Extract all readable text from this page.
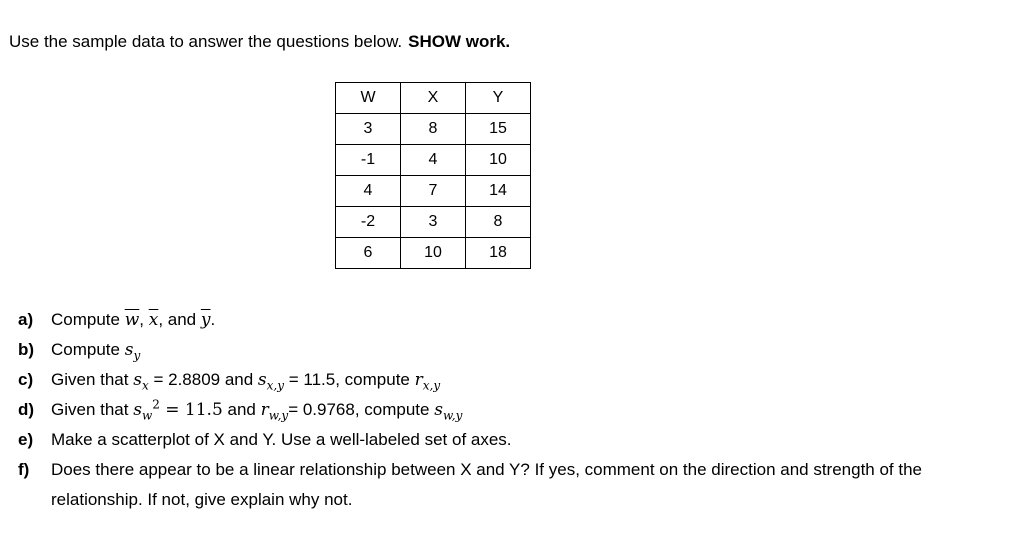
Use the sample data to answer the questions below. SHOW work.
W	X	Y
3	8	15
-1	4	10
4	7	14
-2	3	8
6	10	18
a)	Compute $\overline{w}$, $\overline{x}$, and $\overline{y}$.
b) Compute $s_y$
c)	Given that $s_x = 2.8809$ and $s_{x,y} = 11.5$, compute $r_{x,y}$
d) Given that $s_w^2 = 11.5$ and $r_{w,y}= 0.9768$, compute $s_{w,y}$
e)	Make a scatterplot of X and Y. Use a well-labeled set of axes.
f)	Does there appear to be a linear relationship between X and Y? If yes, comment on the direction and strength of the relationship. If not, give explain why not.
